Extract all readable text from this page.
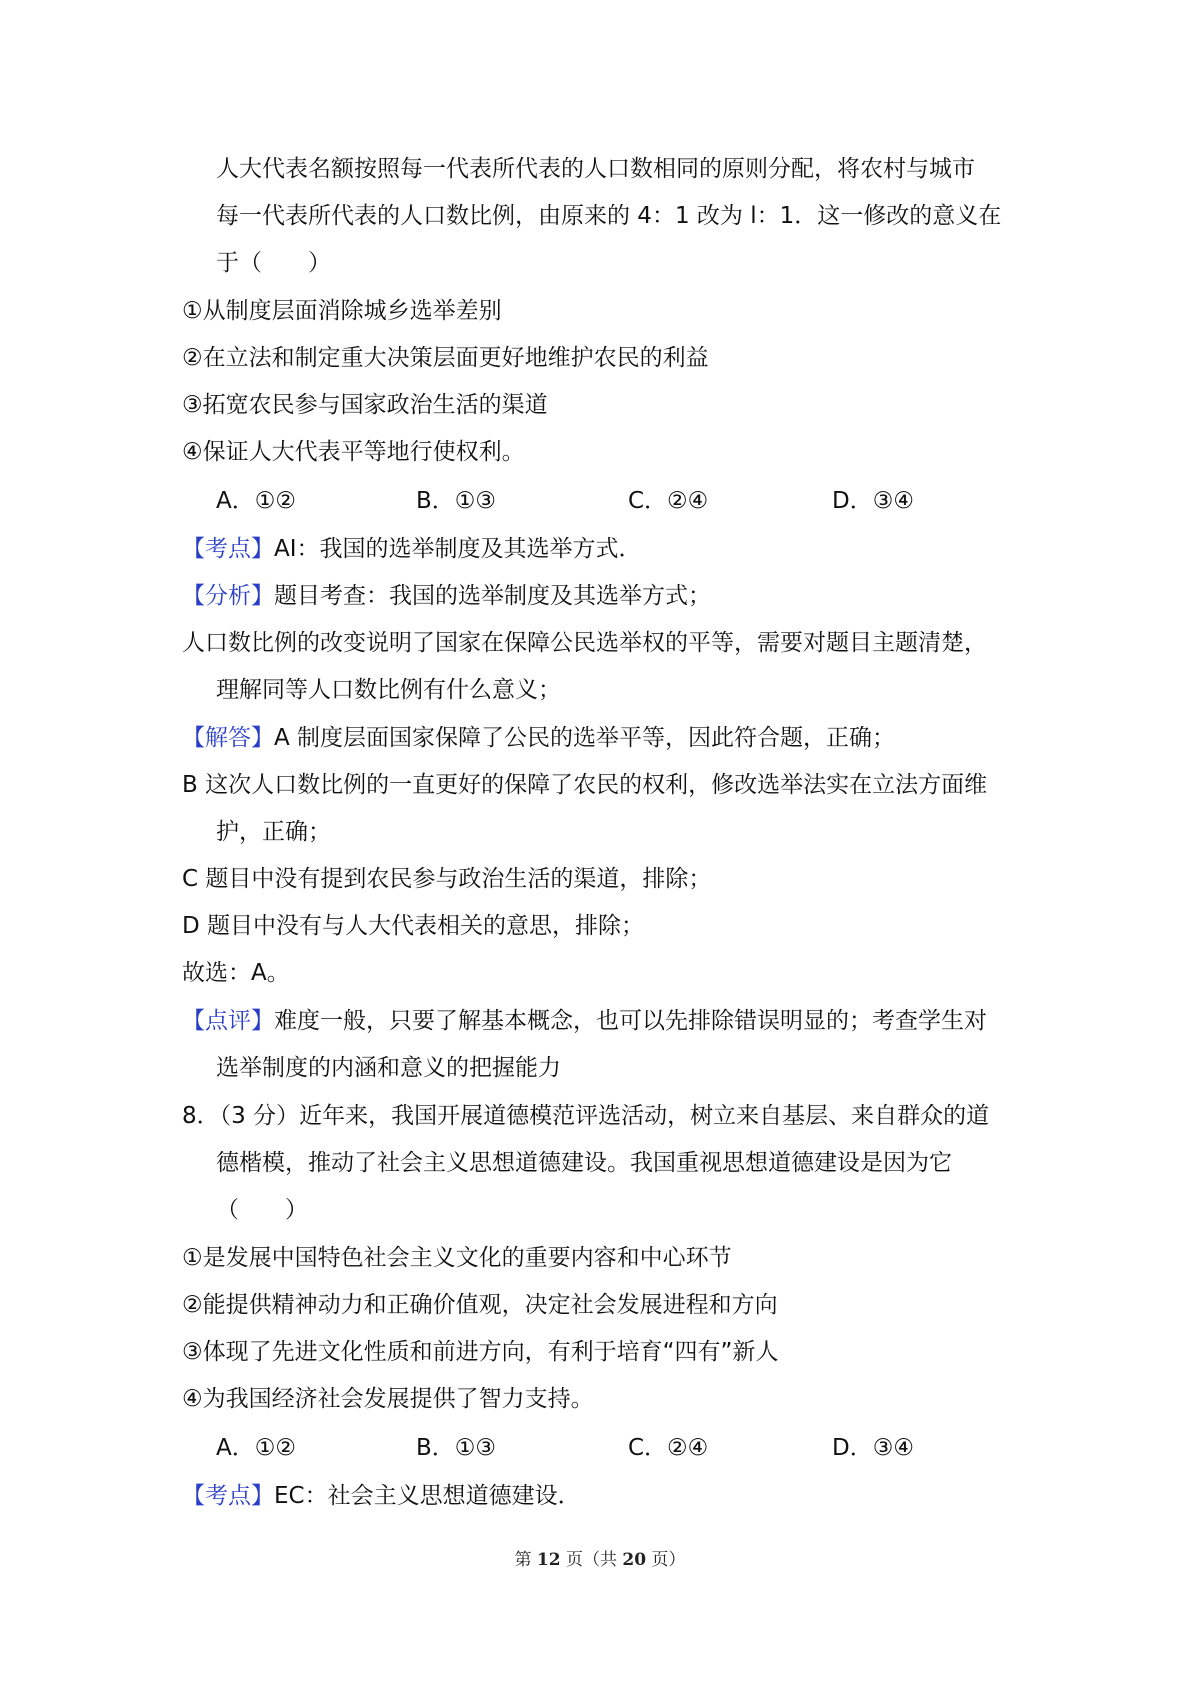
人大代表名额按照每一代表所代表的人口数相同的原则分配，将农村与城市
每一代表所代表的人口数比例，由原来的 4：1 改为 l：1．这一修改的意义在
于（　　）
①从制度层面消除城乡选举差别
②在立法和制定重大决策层面更好地维护农民的利益
③拓宽农民参与国家政治生活的渠道
④保证人大代表平等地行使权利。
A．①②	B．①③	C．②④	D．③④
【考点】AI：我国的选举制度及其选举方式．
【分析】题目考查：我国的选举制度及其选举方式；
人口数比例的改变说明了国家在保障公民选举权的平等，需要对题目主题清楚，
理解同等人口数比例有什么意义；
【解答】A 制度层面国家保障了公民的选举平等，因此符合题，正确；
B 这次人口数比例的一直更好的保障了农民的权利，修改选举法实在立法方面维
护，正确；
C 题目中没有提到农民参与政治生活的渠道，排除；
D 题目中没有与人大代表相关的意思，排除；
故选：A。
【点评】难度一般，只要了解基本概念，也可以先排除错误明显的；考查学生对
选举制度的内涵和意义的把握能力
8．（3 分）近年来，我国开展道德模范评选活动，树立来自基层、来自群众的道
德楷模，推动了社会主义思想道德建设。我国重视思想道德建设是因为它
（　　）
①是发展中国特色社会主义文化的重要内容和中心环节
②能提供精神动力和正确价值观，决定社会发展进程和方向
③体现了先进文化性质和前进方向，有利于培育“四有”新人
④为我国经济社会发展提供了智力支持。
A．①②	B．①③	C．②④	D．③④
【考点】EC：社会主义思想道德建设．
第 12 页（共 20 页）
